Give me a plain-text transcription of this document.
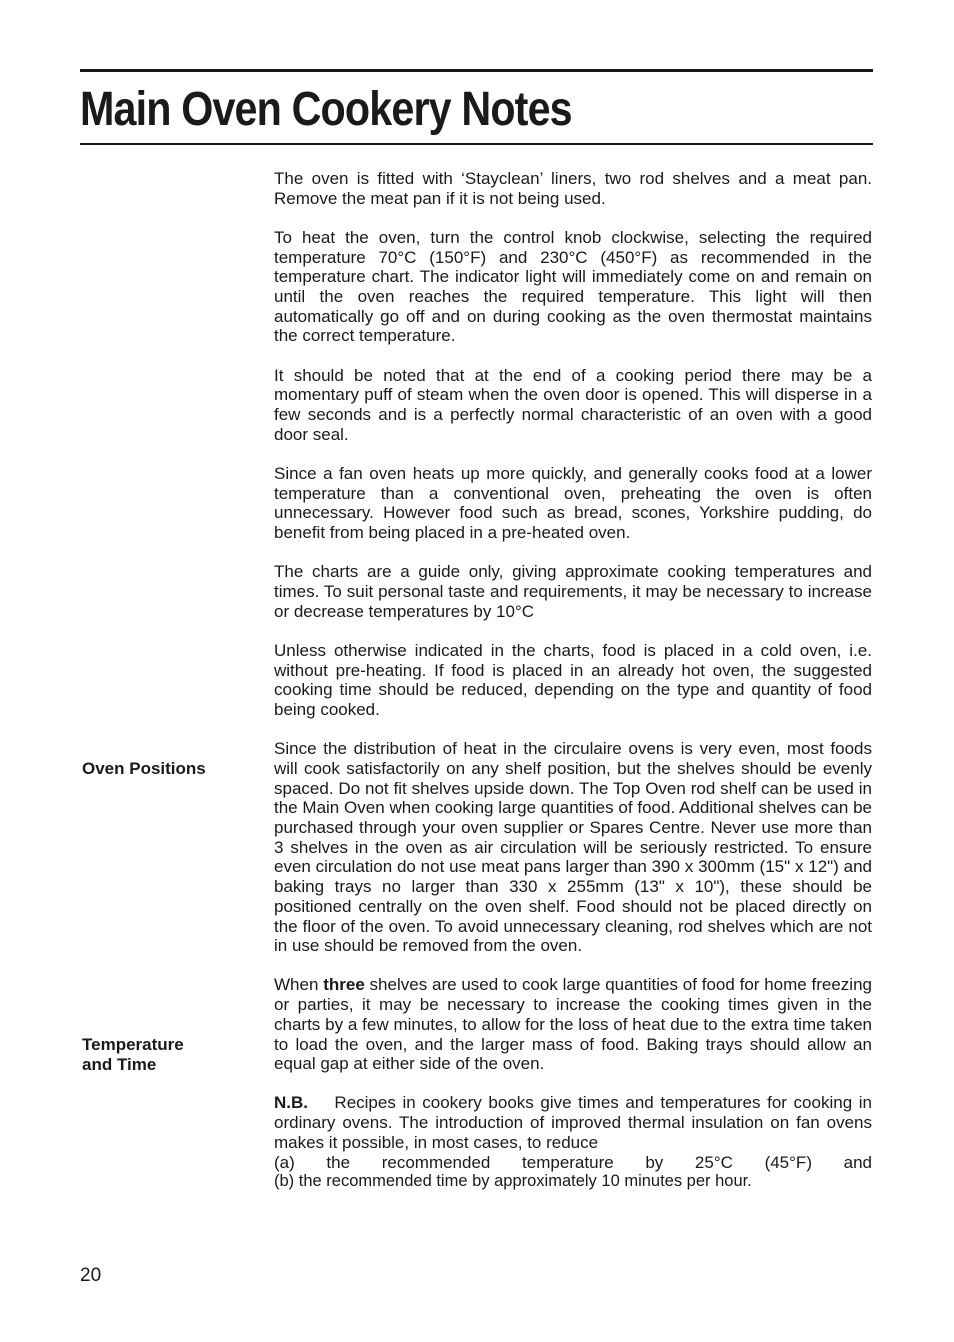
Main Oven Cookery Notes

Oven Positions

Temperature
and Time

The oven is fitted with ‘Stayclean’ liners, two rod shelves and a meat pan. Remove the meat pan if it is not being used.

To heat the oven, turn the control knob clockwise, selecting the required temperature 70°C (150°F) and 230°C (450°F) as recommended in the temperature chart. The indicator light will immediately come on and remain on until the oven reaches the required temperature. This light will then automatically go off and on during cooking as the oven thermostat maintains the correct temperature.

It should be noted that at the end of a cooking period there may be a momentary puff of steam when the oven door is opened. This will disperse in a few seconds and is a perfectly normal characteristic of an oven with a good door seal.

Since a fan oven heats up more quickly, and generally cooks food at a lower temperature than a conventional oven, preheating the oven is often unnecessary. However food such as bread, scones, Yorkshire pudding, do benefit from being placed in a pre-heated oven.

The charts are a guide only, giving approximate cooking temperatures and times. To suit personal taste and requirements, it may be necessary to increase or decrease temperatures by 10°C

Unless otherwise indicated in the charts, food is placed in a cold oven, i.e. without pre-heating. If food is placed in an already hot oven, the suggested cooking time should be reduced, depending on the type and quantity of food being cooked.

Since the distribution of heat in the circulaire ovens is very even, most foods will cook satisfactorily on any shelf position, but the shelves should be evenly spaced. Do not fit shelves upside down. The Top Oven rod shelf can be used in the Main Oven when cooking large quantities of food. Additional shelves can be purchased through your oven supplier or Spares Centre. Never use more than 3 shelves in the oven as air circulation will be seriously restricted. To ensure even circulation do not use meat pans larger than 390 x 300mm (15" x 12") and baking trays no larger than 330 x 255mm (13" x 10"), these should be positioned centrally on the oven shelf. Food should not be placed directly on the floor of the oven. To avoid unnecessary cleaning, rod shelves which are not in use should be removed from the oven.

When three shelves are used to cook large quantities of food for home freezing or parties, it may be necessary to increase the cooking times given in the charts by a few minutes, to allow for the loss of heat due to the extra time taken to load the oven, and the larger mass of food. Baking trays should allow an equal gap at either side of the oven.

N.B. Recipes in cookery books give times and temperatures for cooking in ordinary ovens. The introduction of improved thermal insulation on fan ovens makes it possible, in most cases, to reduce

(a) the recommended temperature by 25°C (45°F) and
(b) the recommended time by approximately 10 minutes per hour.
20
